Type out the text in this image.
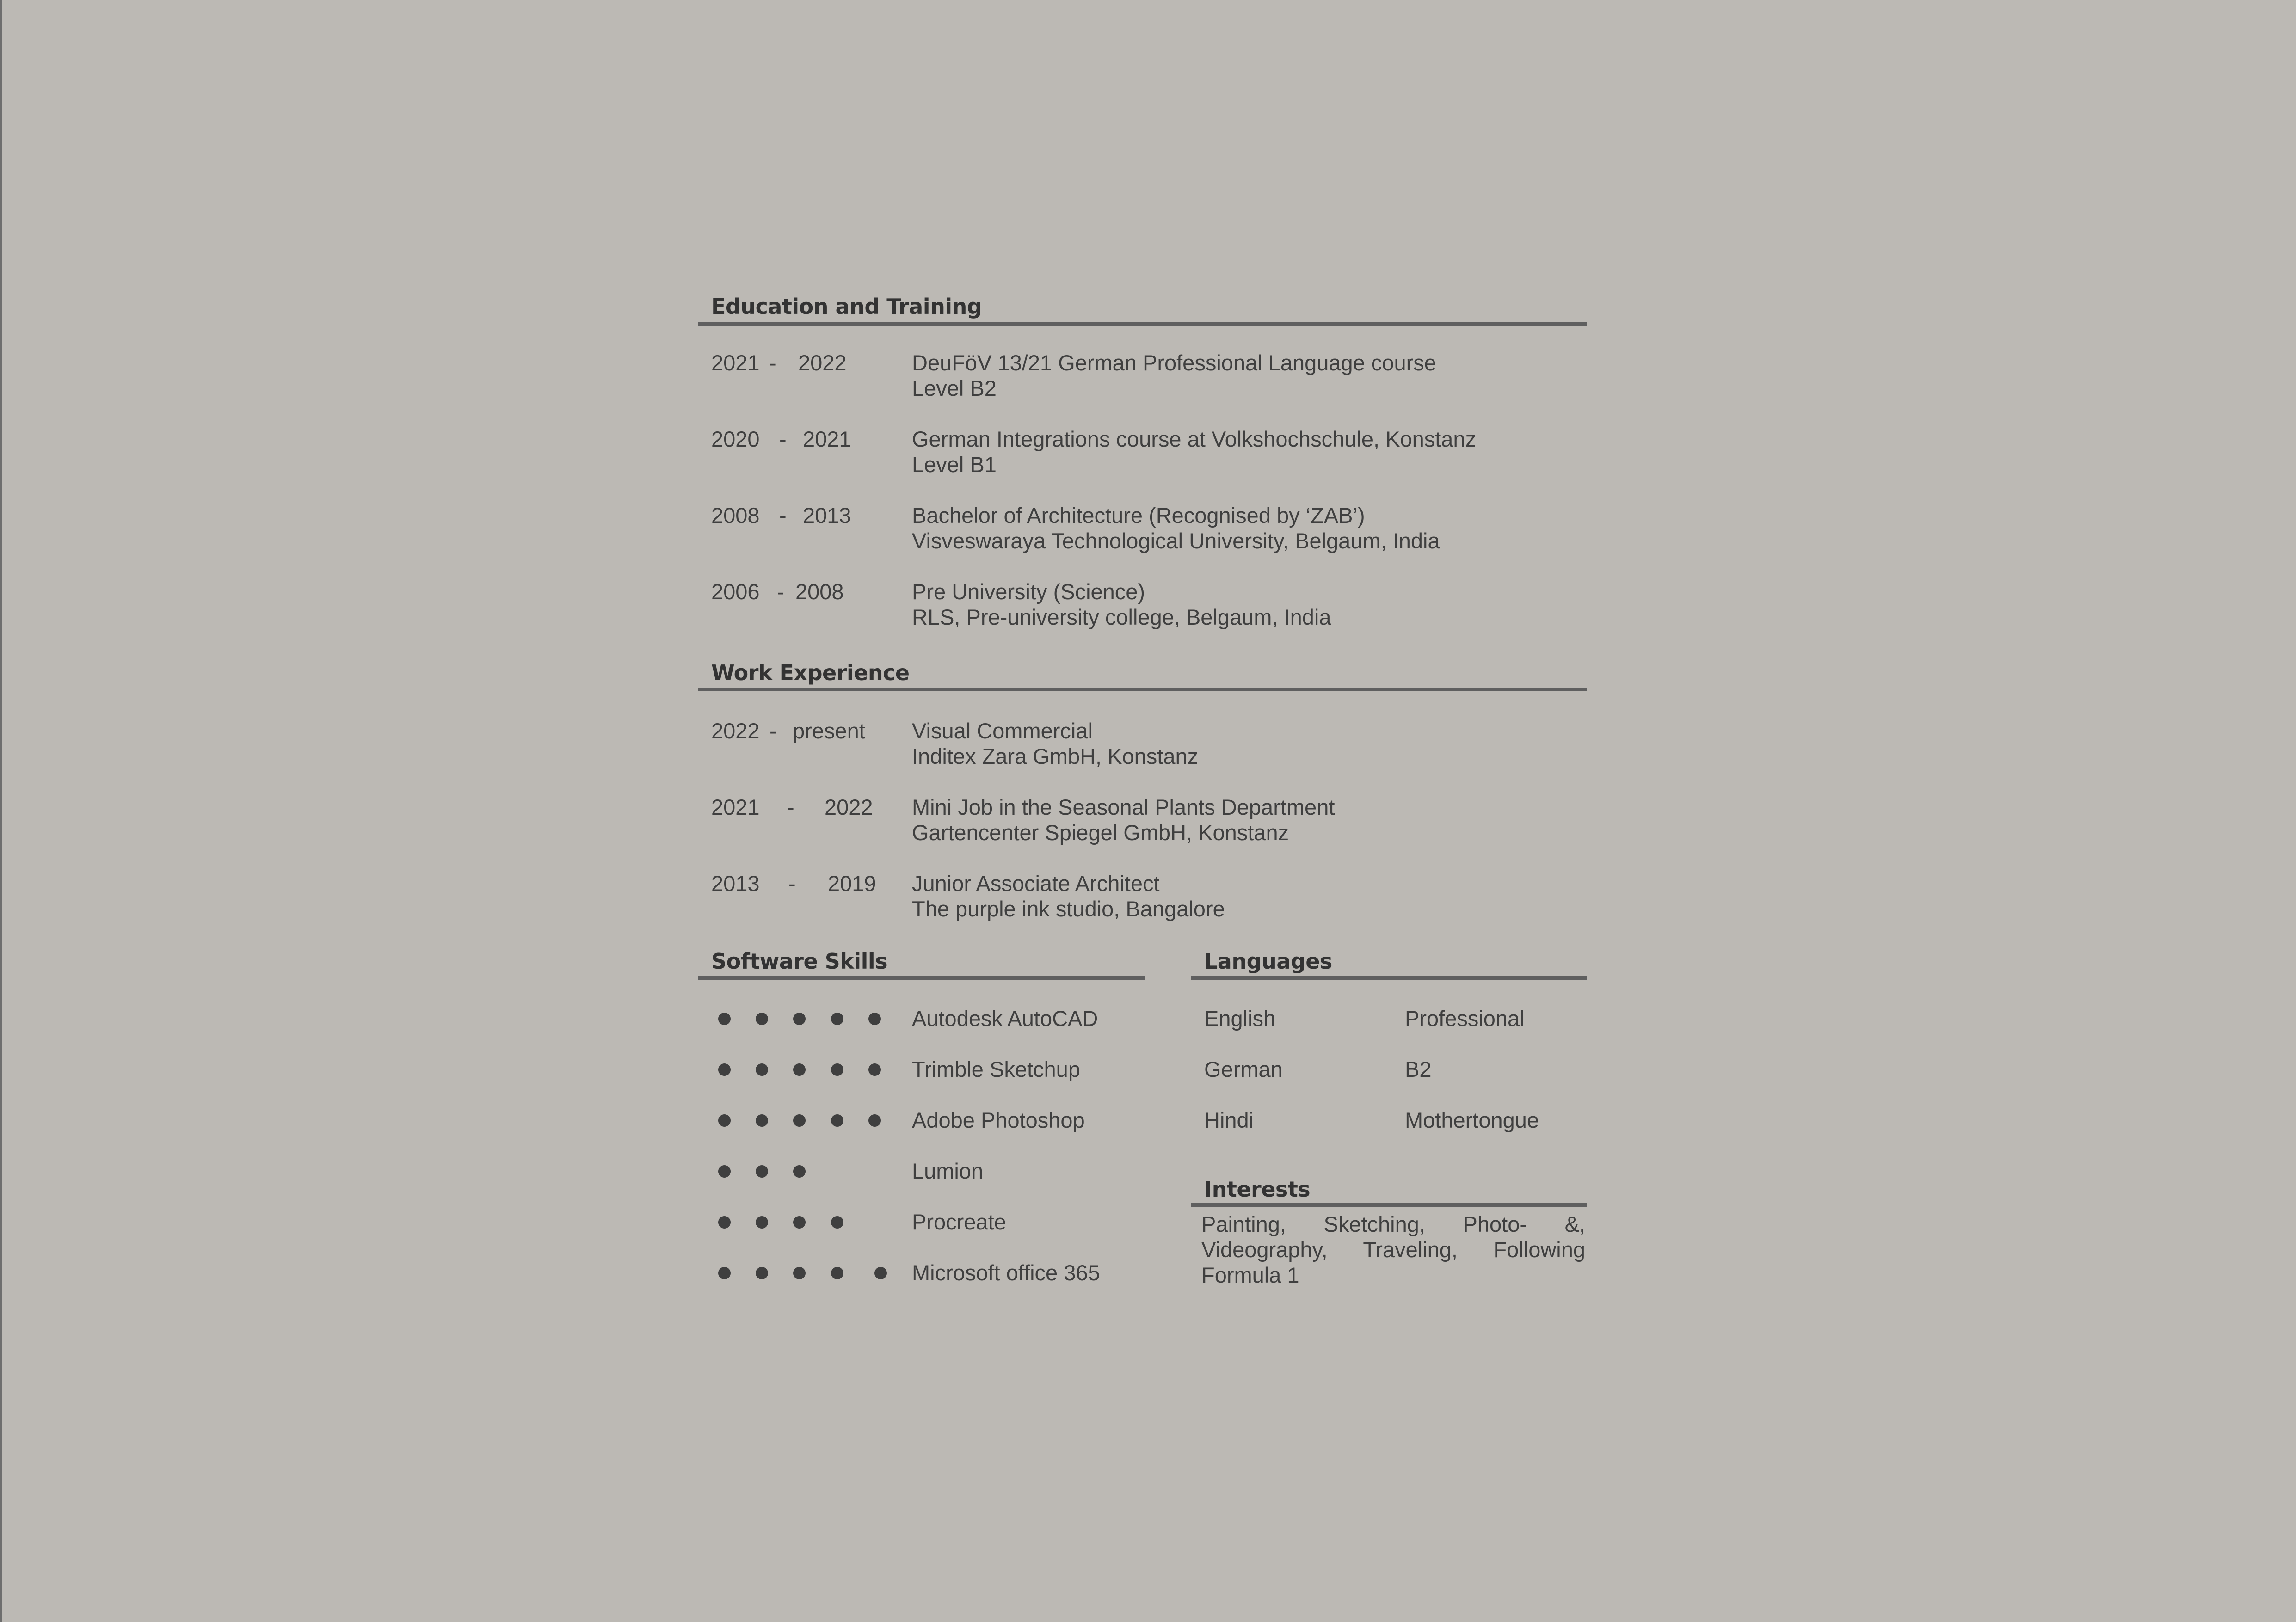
Education and Training
2021 - 2022	DeuFöV 13/21 German Professional Language course
Level B2
2020 - 2021	German Integrations course at Volkshochschule, Konstanz
Level B1
2008 - 2013	Bachelor of Architecture (Recognised by ‘ZAB’)
Visveswaraya Technological University, Belgaum, India
2006 - 2008	Pre University (Science)
RLS, Pre-university college, Belgaum, India
Work Experience
2022 - present Visual Commercial
Inditex Zara GmbH, Konstanz
2021 - 2022 Mini Job in the Seasonal Plants Department
Gartencenter Spiegel GmbH, Konstanz
2013 - 2019 Junior Associate Architect
The purple ink studio, Bangalore
Software Skills
Autodesk AutoCAD
Trimble Sketchup
Adobe Photoshop
Lumion
Procreate
Microsoft office 365
Languages
English	Professional
German	B2
Hindi	Mothertongue
Interests
Painting, Sketching, Photo- &, Videography, Traveling, Following Formula 1
